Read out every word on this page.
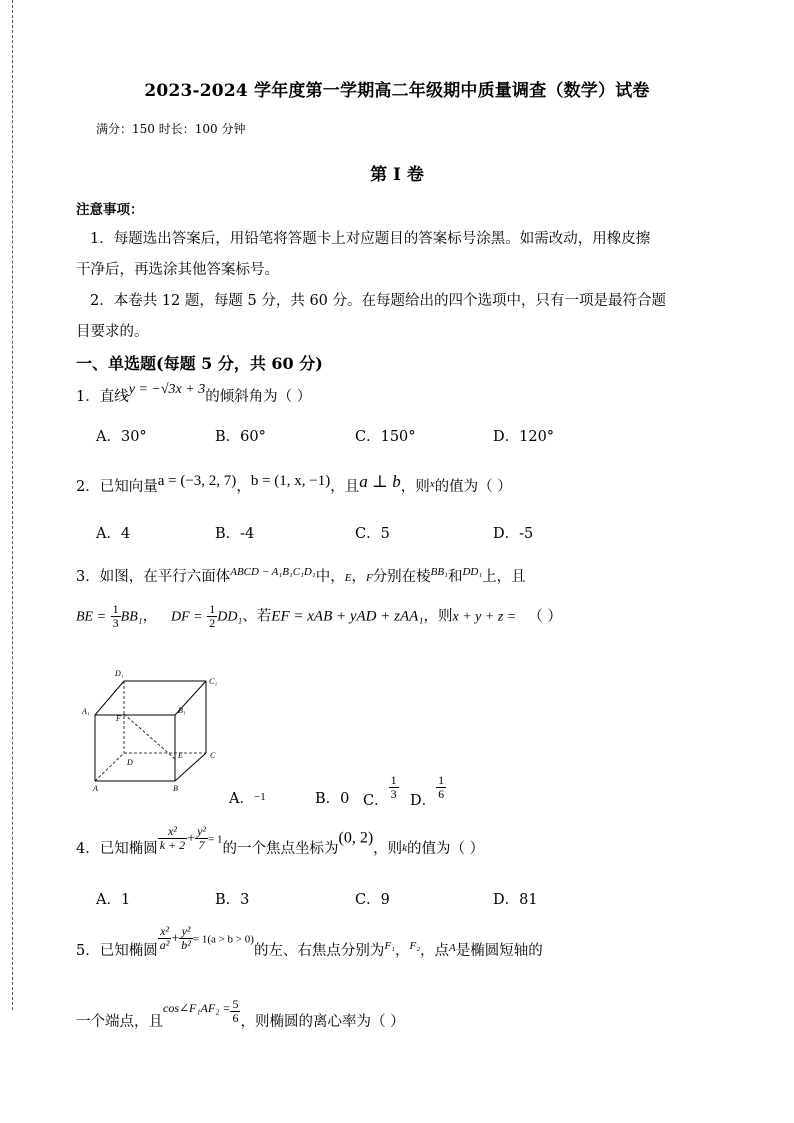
2023-2024 学年度第一学期高二年级期中质量调查（数学）试卷
满分：150 时长：100 分钟
第 I 卷
注意事项：
1．每题选出答案后，用铅笔将答题卡上对应题目的答案标号涂黑。如需改动，用橡皮擦
干净后，再选涂其他答案标号。
2．本卷共 12 题，每题 5 分，共 60 分。在每题给出的四个选项中，只有一项是最符合题
目要求的。
一、单选题(每题 5 分，共 60 分)
1．直线y = −√3x + 3的倾斜角为（ ）
A．30°	B．60°	C．150°	D．120°
2．已知向量a = (−3, 2, 7)，b = (1, x, −1)，且a ⊥ b，则$^x$的值为（ ）
A．4	B．-4	C．5	D．-5
3．如图，在平行六面体$^{ABCD - A_1B_1C_1D_1}$中，E，F分别在棱$^{BB_1}$和$^{DD_1}$上，且
BE = $\frac{1}{3} BB_1$，   DF = $\frac{1}{2} DD_1$、若EF = xAB + yAD + zAA₁，则x + y + z = （ ）
D₁
C₁
A₁	B₁
F
E	C
D
A	B
A．$^{-1}$	B．0 C． $\frac{1}{3}$ D． $\frac{1}{6}$
4．已知椭圆 $\frac{\text{x²}}{k + 2} + \frac{\text{y²}}{7} = 1$的一个焦点坐标为(0, 2)，则$_k$的值为（ ）
A．1	B．3	C．9	D．81
5．已知椭圆 $\frac{\text{x²}}{\text{a²}} + \frac{\text{y²}}{\text{b²}} = 1(a > b > 0)$的左、右焦点分别为$_{F_1}$，$_{F_2}$，点$_A$是椭圆短轴的
一个端点，且$_{cos\angle F_1AF_2 =} \frac{5}{6}$ ，则椭圆的离心率为（ ）
